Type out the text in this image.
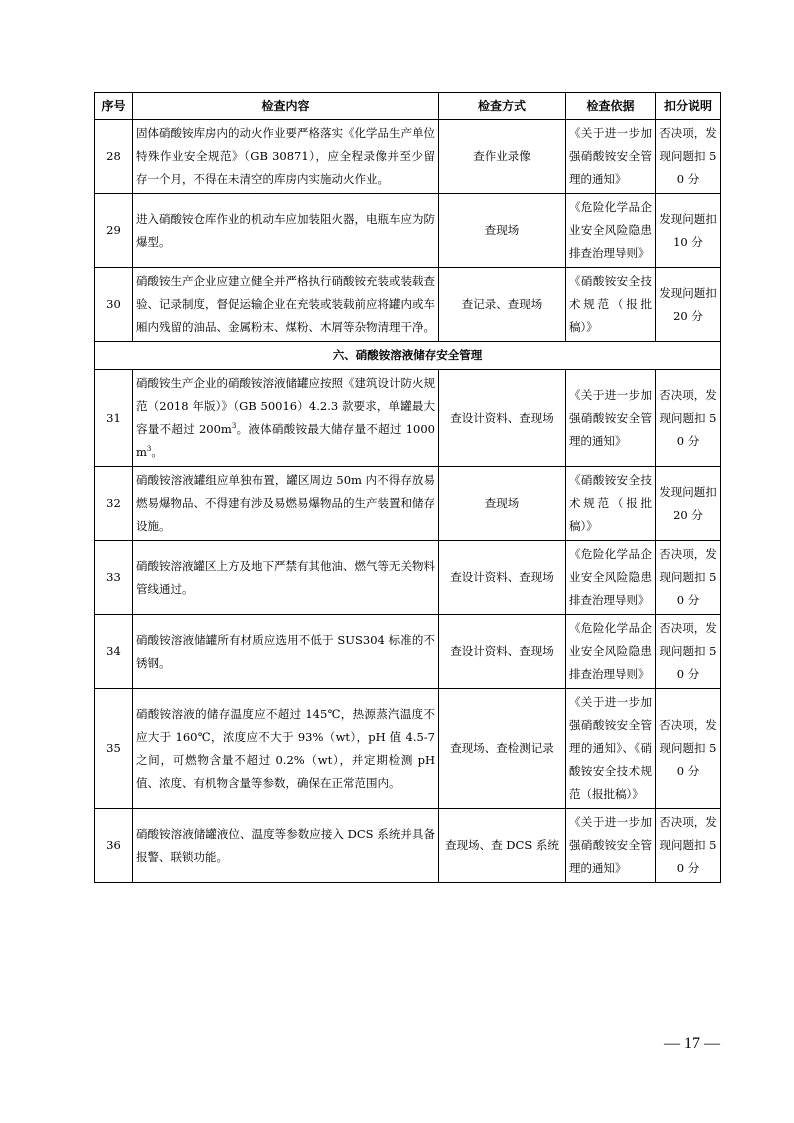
序号	检查内容	检查方式	检查依据	扣分说明
28	固体硝酸铵库房内的动火作业要严格落实《化学品生产单位特殊作业安全规范》（GB 30871），应全程录像并至少留存一个月，不得在未清空的库房内实施动火作业。	查作业录像	《关于进一步加强硝酸铵安全管理的通知》	否决项，发现问题扣 50 分
29	进入硝酸铵仓库作业的机动车应加装阻火器，电瓶车应为防爆型。	查现场	《危险化学品企业安全风险隐患排查治理导则》	发现问题扣 10 分
30	硝酸铵生产企业应建立健全并严格执行硝酸铵充装或装载查验、记录制度，督促运输企业在充装或装载前应将罐内或车厢内残留的油品、金属粉末、煤粉、木屑等杂物清理干净。	查记录、查现场	《硝酸铵安全技术规范（报批稿）》	发现问题扣 20 分
六、硝酸铵溶液储存安全管理				
31	硝酸铵生产企业的硝酸铵溶液储罐应按照《建筑设计防火规范（2018 年版）》（GB 50016）4.2.3 款要求，单罐最大容量不超过 $200m^3$。液体硝酸铵最大储存量不超过 $1000m^3$。	查设计资料、查现场	《关于进一步加强硝酸铵安全管理的通知》	否决项，发现问题扣 50 分
32	硝酸铵溶液罐组应单独布置，罐区周边 50m 内不得存放易燃易爆物品、不得建有涉及易燃易爆物品的生产装置和储存设施。	查现场	《硝酸铵安全技术规范（报批稿）》	发现问题扣 20 分
33	硝酸铵溶液罐区上方及地下严禁有其他油、燃气等无关物料管线通过。	查设计资料、查现场	《危险化学品企业安全风险隐患排查治理导则》	否决项，发现问题扣 50 分
34	硝酸铵溶液储罐所有材质应选用不低于 SUS304 标准的不锈钢。	查设计资料、查现场	《危险化学品企业安全风险隐患排查治理导则》	否决项，发现问题扣 50 分
35	硝酸铵溶液的储存温度应不超过 145℃，热源蒸汽温度不应大于 160℃，浓度应不大于 93%（wt），pH 值 4.5-7 之间，可燃物含量不超过 0.2%（wt），并定期检测 pH 值、浓度、有机物含量等参数，确保在正常范围内。	查现场、查检测记录	《关于进一步加强硝酸铵安全管理的通知》、《硝酸铵安全技术规范（报批稿）》	否决项，发现问题扣 50 分
36	硝酸铵溶液储罐液位、温度等参数应接入 DCS 系统并具备报警、联锁功能。	查现场、查 DCS 系统	《关于进一步加强硝酸铵安全管理的通知》	否决项，发现问题扣 50 分
— 17 —
